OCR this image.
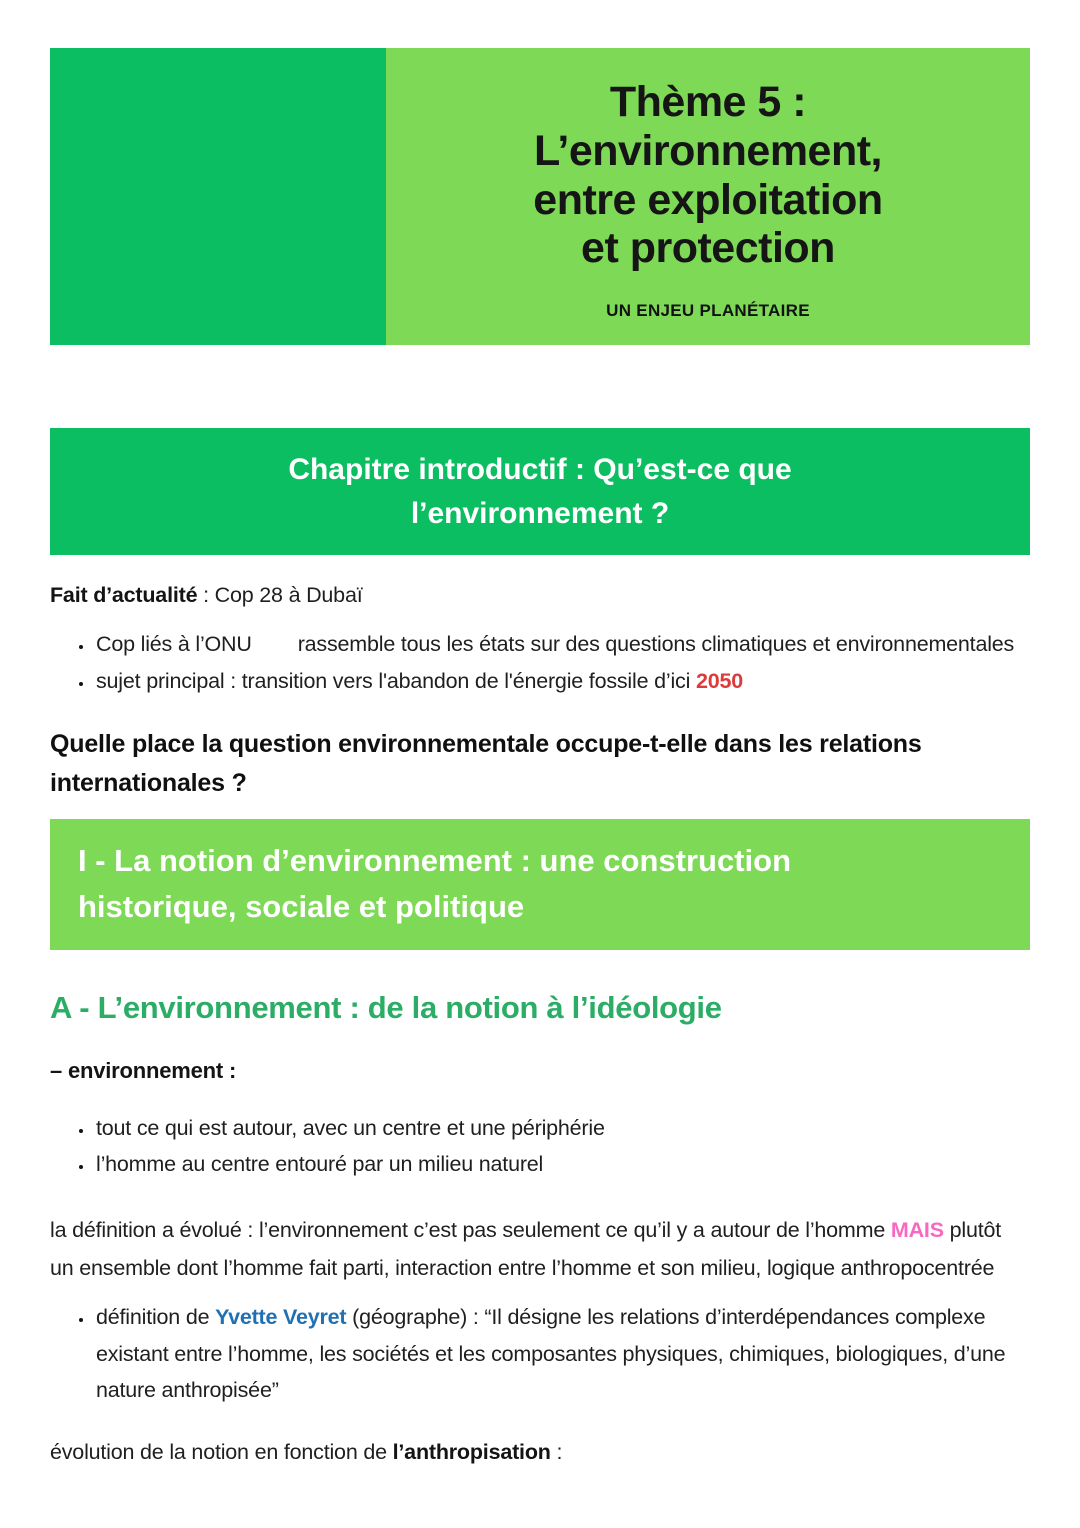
Thème 5 :
L’environnement,
entre exploitation
et protection
UN ENJEU PLANÉTAIRE
Chapitre introductif : Qu’est-ce que
l’environnement ?

Fait d’actualité : Cop 28 à Dubaï

• Cop liés à l’ONU rassemble tous les états sur des questions climatiques et environnementales
• sujet principal : transition vers l'abandon de l'énergie fossile d’ici 2050
Quelle place la question environnementale occupe-t-elle dans les relations internationales ?
I - La notion d’environnement : une construction
historique, sociale et politique
A - L’environnement : de la notion à l’idéologie

– environnement :

• tout ce qui est autour, avec un centre et une périphérie
• l’homme au centre entouré par un milieu naturel

la définition a évolué : l’environnement c’est pas seulement ce qu’il y a autour de l’homme MAIS plutôt un ensemble dont l’homme fait parti, interaction entre l’homme et son milieu, logique anthropocentrée

• définition de Yvette Veyret (géographe) : “Il désigne les relations d’interdépendances complexe existant entre l’homme, les sociétés et les composantes physiques, chimiques, biologiques, d’une nature anthropisée”

évolution de la notion en fonction de l’anthropisation :
